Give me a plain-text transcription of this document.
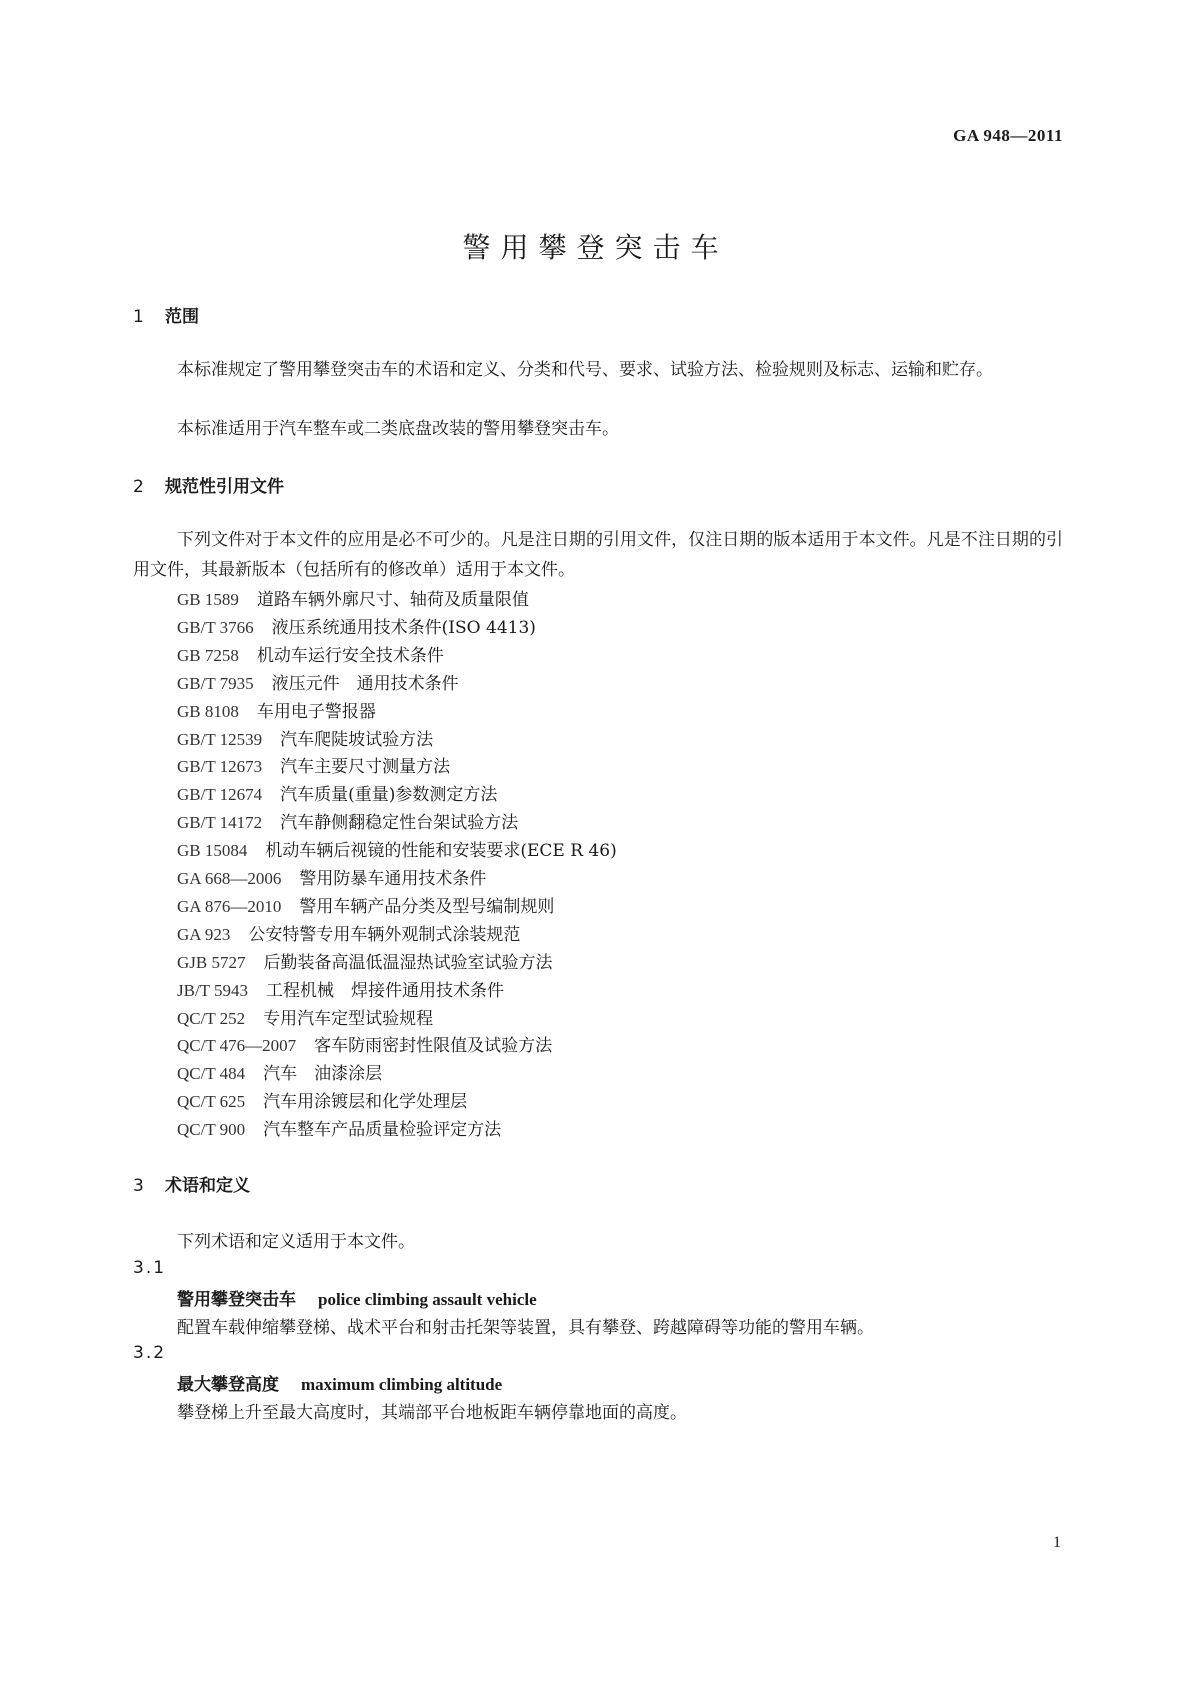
GA 948—2011
警用攀登突击车
1 范围
本标准规定了警用攀登突击车的术语和定义、分类和代号、要求、试验方法、检验规则及标志、运输和贮存。
本标准适用于汽车整车或二类底盘改装的警用攀登突击车。
2 规范性引用文件
下列文件对于本文件的应用是必不可少的。凡是注日期的引用文件，仅注日期的版本适用于本文件。凡是不注日期的引用文件，其最新版本（包括所有的修改单）适用于本文件。
GB 1589 道路车辆外廓尺寸、轴荷及质量限值
GB/T 3766 液压系统通用技术条件(ISO 4413)
GB 7258 机动车运行安全技术条件
GB/T 7935 液压元件　通用技术条件
GB 8108 车用电子警报器
GB/T 12539 汽车爬陡坡试验方法
GB/T 12673 汽车主要尺寸测量方法
GB/T 12674 汽车质量(重量)参数测定方法
GB/T 14172 汽车静侧翻稳定性台架试验方法
GB 15084 机动车辆后视镜的性能和安装要求(ECE R 46)
GA 668—2006 警用防暴车通用技术条件
GA 876—2010 警用车辆产品分类及型号编制规则
GA 923 公安特警专用车辆外观制式涂装规范
GJB 5727 后勤装备高温低温湿热试验室试验方法
JB/T 5943 工程机械　焊接件通用技术条件
QC/T 252 专用汽车定型试验规程
QC/T 476—2007 客车防雨密封性限值及试验方法
QC/T 484 汽车　油漆涂层
QC/T 625 汽车用涂镀层和化学处理层
QC/T 900 汽车整车产品质量检验评定方法
3 术语和定义
下列术语和定义适用于本文件。
3.1
警用攀登突击车 police climbing assault vehicle
配置车载伸缩攀登梯、战术平台和射击托架等装置，具有攀登、跨越障碍等功能的警用车辆。
3.2
最大攀登高度 maximum climbing altitude
攀登梯上升至最大高度时，其端部平台地板距车辆停靠地面的高度。
1
